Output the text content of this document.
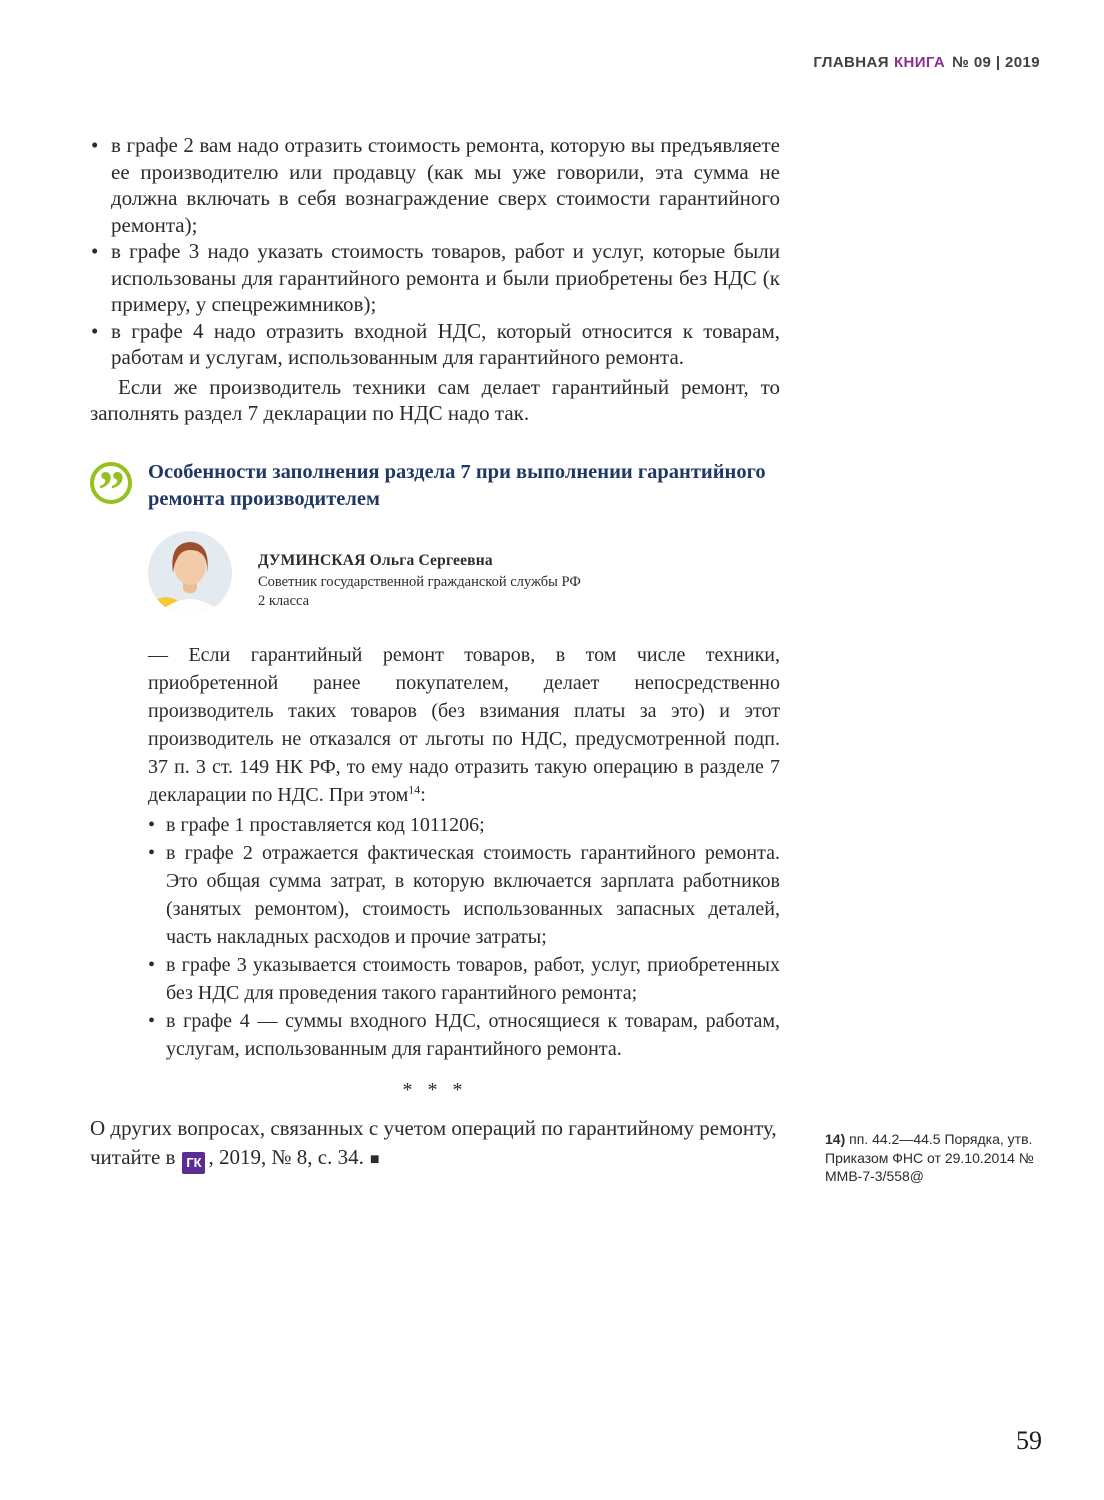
ГЛАВНАЯ КНИГА № 09 | 2019
• в графе 2 вам надо отразить стоимость ремонта, которую вы предъявляете ее производителю или продавцу (как мы уже говорили, эта сумма не должна включать в себя вознаграждение сверх стоимости гарантийного ремонта);
• в графе 3 надо указать стоимость товаров, работ и услуг, которые были использованы для гарантийного ремонта и были приобретены без НДС (к примеру, у спецрежимников);
• в графе 4 надо отразить входной НДС, который относится к товарам, работам и услугам, использованным для гарантийного ремонта.

Если же производитель техники сам делает гарантийный ремонт, то заполнять раздел 7 декларации по НДС надо так.

” Особенности заполнения раздела 7 при выполнении гарантийного ремонта производителем
ДУМИНСКАЯ Ольга Сергеевна
Советник государственной гражданской службы РФ
2 класса

— Если гарантийный ремонт товаров, в том числе техники, приобретенной ранее покупателем, делает непосредственно производитель таких товаров (без взимания платы за это) и этот производитель не отказался от льготы по НДС, предусмотренной подп. 37 п. 3 ст. 149 НК РФ, то ему надо отразить такую операцию в разделе 7 декларации по НДС. При этом$^{14}$:

• в графе 1 проставляется код 1011206;
• в графе 2 отражается фактическая стоимость гарантийного ремонта. Это общая сумма затрат, в которую включается зарплата работников (занятых ремонтом), стоимость использованных запасных деталей, часть накладных расходов и прочие затраты;
• в графе 3 указывается стоимость товаров, работ, услуг, приобретенных без НДС для проведения такого гарантийного ремонта;
• в графе 4 — суммы входного НДС, относящиеся к товарам, работам, услугам, использованным для гарантийного ремонта.
* * *

О других вопросах, связанных с учетом операций по гарантийному ремонту, читайте в ГК , 2019, № 8, с. 34. ■

14) пп. 44.2—44.5 Порядка, утв. Приказом ФНС от 29.10.2014 № ММВ-7-3/558@
59
